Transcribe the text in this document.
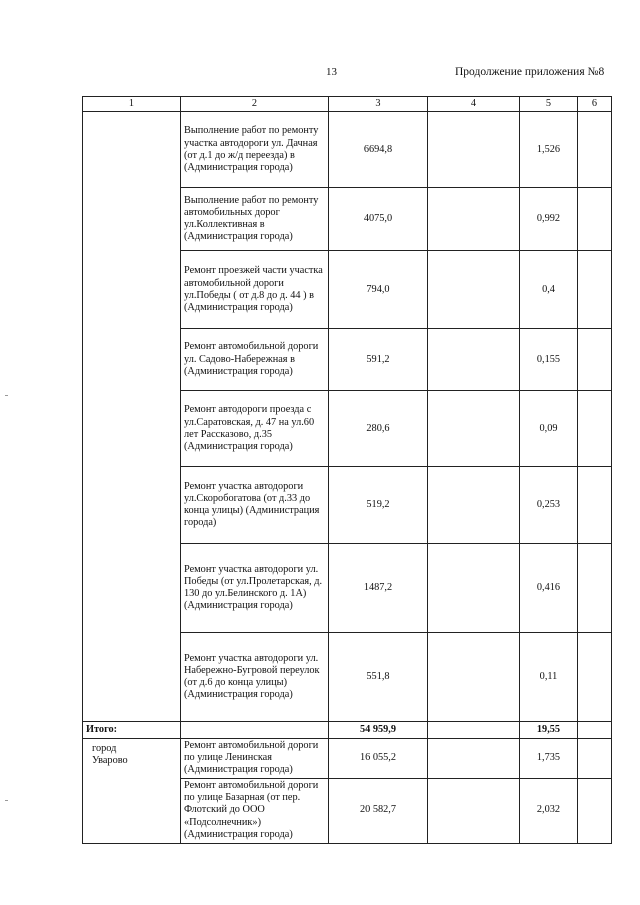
13	Продолжение приложения №8
1	2	3	4	5	6
	Выполнение работ по ремонту участка автодороги ул. Дачная (от д.1 до ж/д переезда) в (Администрация города)	6694,8		1,526	
	Выполнение работ по ремонту автомобильных дорог ул.Коллективная в (Администрация города)	4075,0		0,992	
	Ремонт проезжей части участка автомобильной дороги ул.Победы ( от д.8 до д. 44 ) в (Администрация города)	794,0		0,4	
	Ремонт автомобильной дороги ул. Садово-Набережная в (Администрация города)	591,2		0,155	
	Ремонт автодороги проезда с ул.Саратовская, д. 47 на ул.60 лет Рассказово, д.35 (Администрация города)	280,6		0,09	
	Ремонт участка автодороги ул.Скоробогатова (от д.33 до конца улицы) (Администрация города)	519,2		0,253	
	Ремонт участка автодороги ул. Победы (от ул.Пролетарская, д. 130 до ул.Белинского д. 1А) (Администрация города)	1487,2		0,416	
	Ремонт участка автодороги ул. Набережно-Бугровой переулок (от д.6 до конца улицы) (Администрация города)	551,8		0,11	
Итого:		54 959,9		19,55	

город Уварово	Ремонт автомобильной дороги по улице Ленинская (Администрация города)	16 055,2		1,735	
	Ремонт автомобильной дороги по улице Базарная (от пер. Флотский до ООО «Подсолнечник») (Администрация города)	20 582,7		2,032	
